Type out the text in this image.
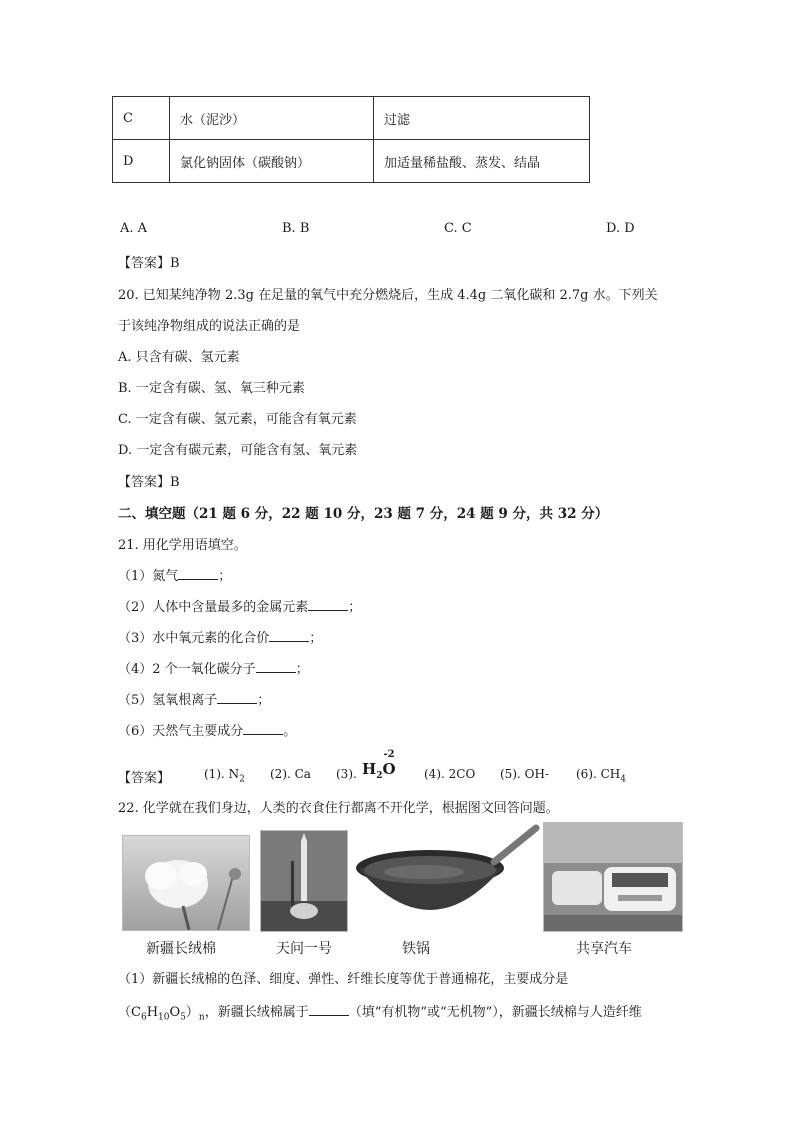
C	水（泥沙）	过滤
D	氯化钠固体（碳酸钠）	加适量稀盐酸、蒸发、结晶
A. A	B. B	C. C	D. D
【答案】B
20. 已知某纯净物 2.3g 在足量的氧气中充分燃烧后，生成 4.4g 二氧化碳和 2.7g 水。下列关
于该纯净物组成的说法正确的是
A. 只含有碳、氢元素
B. 一定含有碳、氢、氧三种元素
C. 一定含有碳、氢元素，可能含有氧元素
D. 一定含有碳元素，可能含有氢、氧元素
【答案】B
二、填空题（21 题 6 分，22 题 10 分，23 题 7 分，24 题 9 分，共 32 分）
21. 用化学用语填空。
（1）氮气	；
（2）人体中含量最多的金属元素	；
（3）水中氧元素的化合价	；
（4）2 个一氧化碳分子	；
（5）氢氧根离子	；
（6）天然气主要成分	。
【答案】	(1). $N_2$ (2). Ca (3). $H_2$
-2
O (4). 2CO (5). OH- (6). $CH_4$
22. 化学就在我们身边，人类的衣食住行都离不开化学，根据图文回答问题。
新疆长绒棉	天问一号	铁锅	共享汽车
（1）新疆长绒棉的色泽、细度、弹性、纤维长度等优于普通棉花，主要成分是
$(C_6H_{10}O_5)_n$，新疆长绒棉属于	（填“有机物”或“无机物”），新疆长绒棉与人造纤维
